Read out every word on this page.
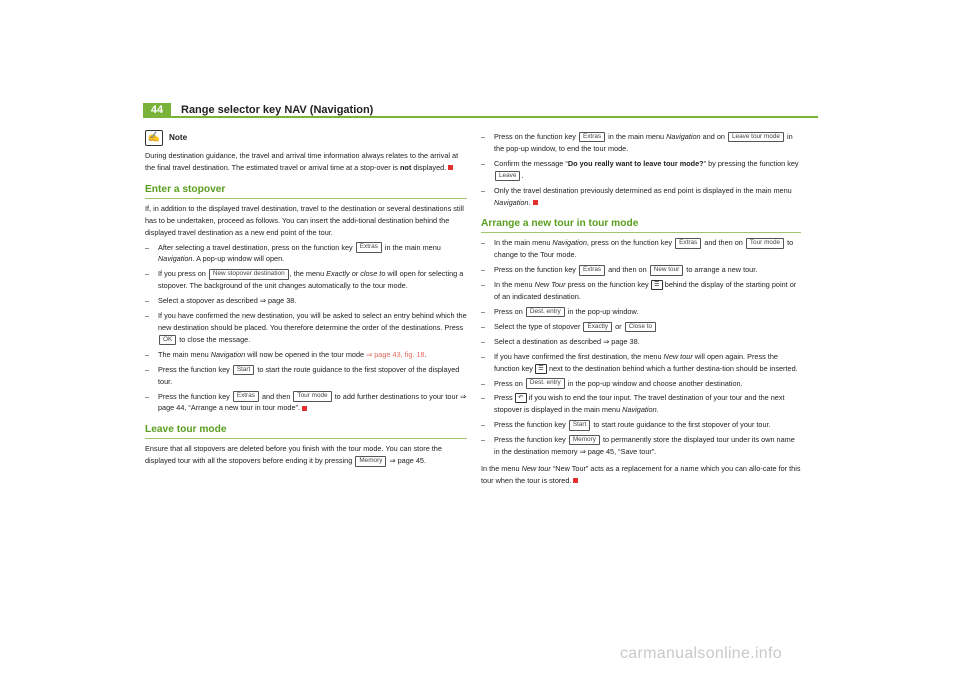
44	Range selector key NAV (Navigation)
✍	Note

During destination guidance, the travel and arrival time information always relates to the arrival at the final travel destination. The estimated travel or arrival time at a stop-over is not displayed.

Enter a stopover

If, in addition to the displayed travel destination, travel to the destination or several destinations still has to be undertaken, proceed as follows. You can insert the addi-tional destination behind the displayed travel destination as a new end point of the tour.

–	After selecting a travel destination, press on the function key Extras in the main menu Navigation. A pop-up window will open.
–	If you press on New stopover destination , the menu Exactly or close to will open for selecting a stopover. The background of the unit changes automatically to the tour mode.
–	Select a stopover as described ⇒ page 38.
–	If you have confirmed the new destination, you will be asked to select an entry behind which the new destination should be placed. You therefore determine the order of the destinations. Press OK to close the message.
–	The main menu Navigation will now be opened in the tour mode ⇒ page 43, fig. 18.
–	Press the function key Start to start the route guidance to the first stopover of the displayed tour.
–	Press the function key Extras and then Tour mode to add further destinations to your tour ⇒ page 44, “Arrange a new tour in tour mode”.
Leave tour mode

Ensure that all stopovers are deleted before you finish with the tour mode. You can store the displayed tour with all the stopovers before ending it by pressing Memory ⇒ page 45.

–	Press on the function key Extras in the main menu Navigation and on Leave tour mode in the pop-up window, to end the tour mode.
–	Confirm the message “Do you really want to leave tour mode?” by pressing the function key Leave .
–	Only the travel destination previously determined as end point is displayed in the main menu Navigation.
Arrange a new tour in tour mode
–	In the main menu Navigation, press on the function key Extras and then on Tour mode to change to the Tour mode.
–	Press on the function key Extras and then on New tour to arrange a new tour.
–	In the menu New Tour press on the function key ☰ behind the display of the starting point or of an indicated destination.
–	Press on Dest. entry in the pop-up window.
–	Select the type of stopover Exactly or Close to
–	Select a destination as described ⇒ page 38.
–	If you have confirmed the first destination, the menu New tour will open again. Press the function key ☰ next to the destination behind which a further destina-tion should be inserted.
–	Press on Dest. entry in the pop-up window and choose another destination.
–	Press ↶ if you wish to end the tour input. The travel destination of your tour and the next stopover is displayed in the main menu Navigation.
–	Press the function key Start to start route guidance to the first stopover of your tour.
–	Press the function key Memory to permanently store the displayed tour under its own name in the destination memory ⇒ page 45, “Save tour”.

In the menu New tour “New Tour” acts as a replacement for a name which you can allo-cate for this tour when the tour is stored.

carmanualsonline.info
